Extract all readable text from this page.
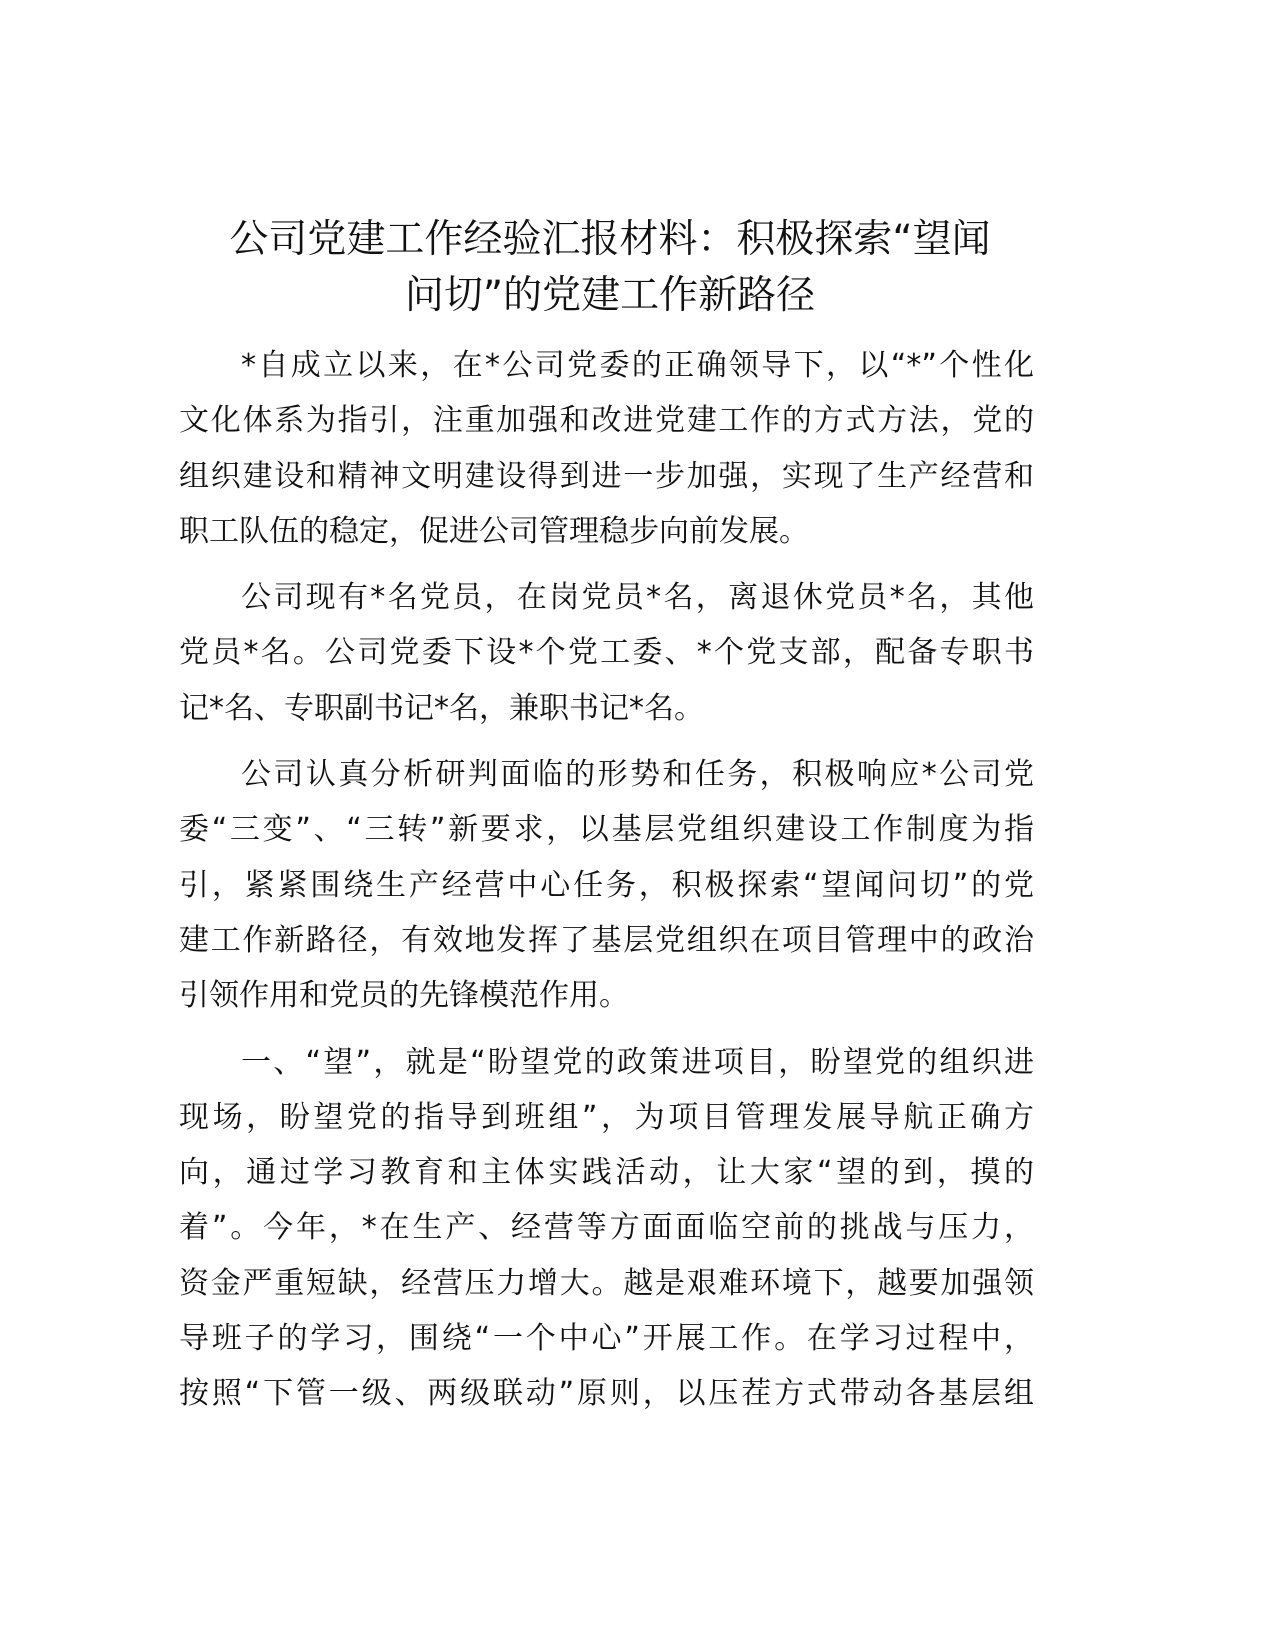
公司党建工作经验汇报材料：积极探索“望闻
问切”的党建工作新路径
*自成立以来，在*公司党委的正确领导下，以“*”个性化
文化体系为指引，注重加强和改进党建工作的方式方法，党的
组织建设和精神文明建设得到进一步加强，实现了生产经营和
职工队伍的稳定，促进公司管理稳步向前发展。
公司现有*名党员，在岗党员*名，离退休党员*名，其他
党员*名。公司党委下设*个党工委、*个党支部，配备专职书
记*名、专职副书记*名，兼职书记*名。
公司认真分析研判面临的形势和任务，积极响应*公司党
委“三变”、“三转”新要求，以基层党组织建设工作制度为指
引，紧紧围绕生产经营中心任务，积极探索“望闻问切”的党
建工作新路径，有效地发挥了基层党组织在项目管理中的政治
引领作用和党员的先锋模范作用。
一、“望”，就是“盼望党的政策进项目，盼望党的组织进
现场，盼望党的指导到班组”，为项目管理发展导航正确方
向，通过学习教育和主体实践活动，让大家“望的到，摸的
着”。今年，*在生产、经营等方面面临空前的挑战与压力，
资金严重短缺，经营压力增大。越是艰难环境下，越要加强领
导班子的学习，围绕“一个中心”开展工作。在学习过程中，
按照“下管一级、两级联动”原则，以压茬方式带动各基层组
